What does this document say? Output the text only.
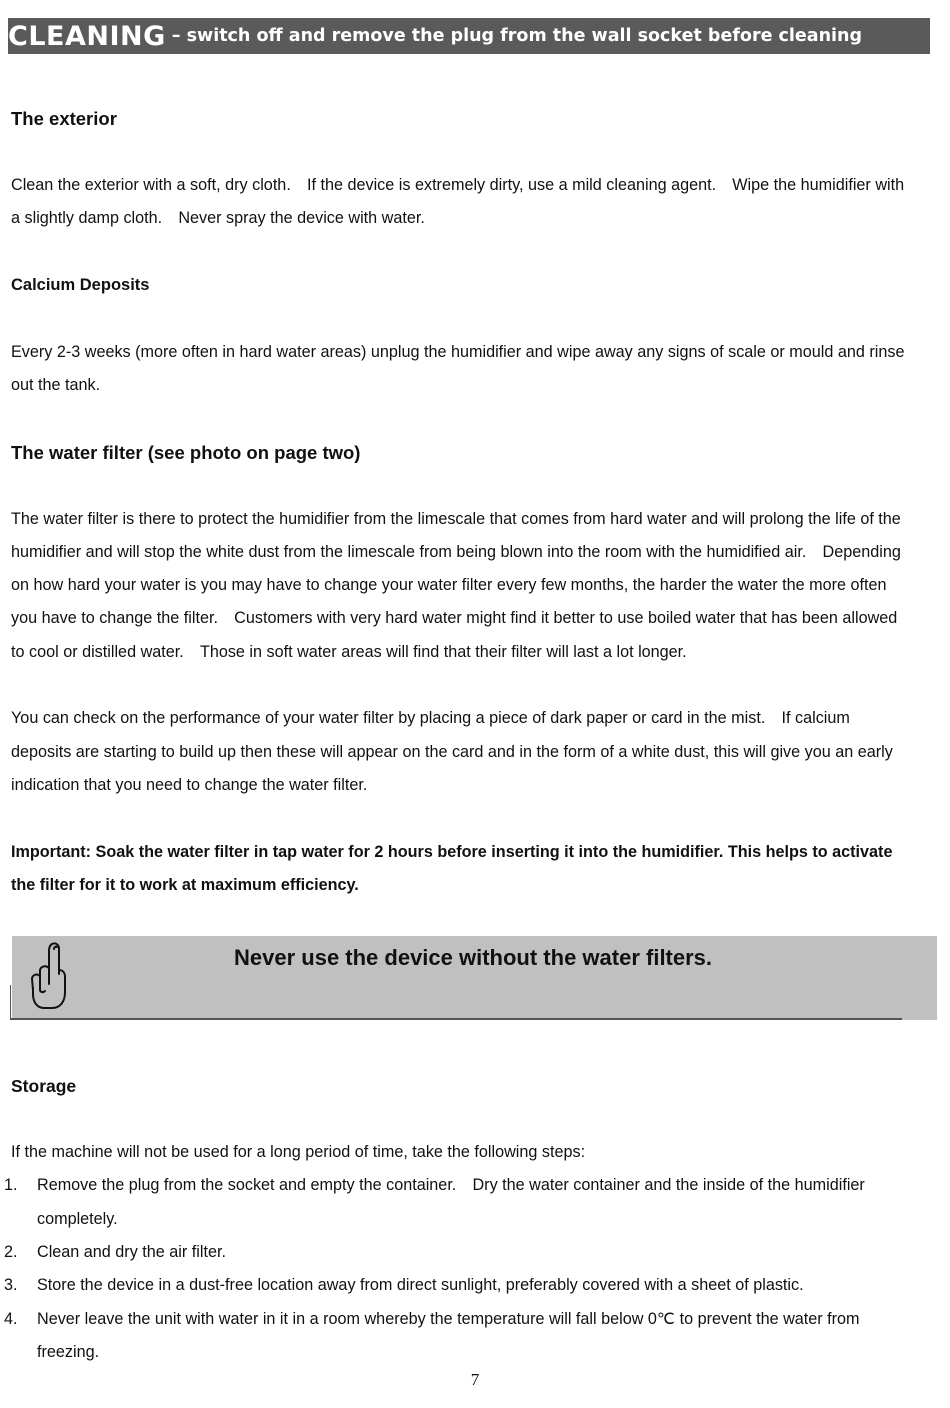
CLEANING – switch off and remove the plug from the wall socket before cleaning
The exterior
Clean the exterior with a soft, dry cloth. If the device is extremely dirty, use a mild cleaning agent. Wipe the humidifier with
a slightly damp cloth. Never spray the device with water.
Calcium Deposits
Every 2-3 weeks (more often in hard water areas) unplug the humidifier and wipe away any signs of scale or mould and rinse
out the tank.
The water filter (see photo on page two)
The water filter is there to protect the humidifier from the limescale that comes from hard water and will prolong the life of the
humidifier and will stop the white dust from the limescale from being blown into the room with the humidified air. Depending
on how hard your water is you may have to change your water filter every few months, the harder the water the more often
you have to change the filter. Customers with very hard water might find it better to use boiled water that has been allowed
to cool or distilled water. Those in soft water areas will find that their filter will last a lot longer.
You can check on the performance of your water filter by placing a piece of dark paper or card in the mist. If calcium
deposits are starting to build up then these will appear on the card and in the form of a white dust, this will give you an early
indication that you need to change the water filter.
Important: Soak the water filter in tap water for 2 hours before inserting it into the humidifier. This helps to activate
the filter for it to work at maximum efficiency.
Never use the device without the water filters.
Storage
If the machine will not be used for a long period of time, take the following steps:
1. Remove the plug from the socket and empty the container. Dry the water container and the inside of the humidifier
completely.
2. Clean and dry the air filter.
3. Store the device in a dust-free location away from direct sunlight, preferably covered with a sheet of plastic.
4. Never leave the unit with water in it in a room whereby the temperature will fall below 0℃ to prevent the water from
freezing.
7
